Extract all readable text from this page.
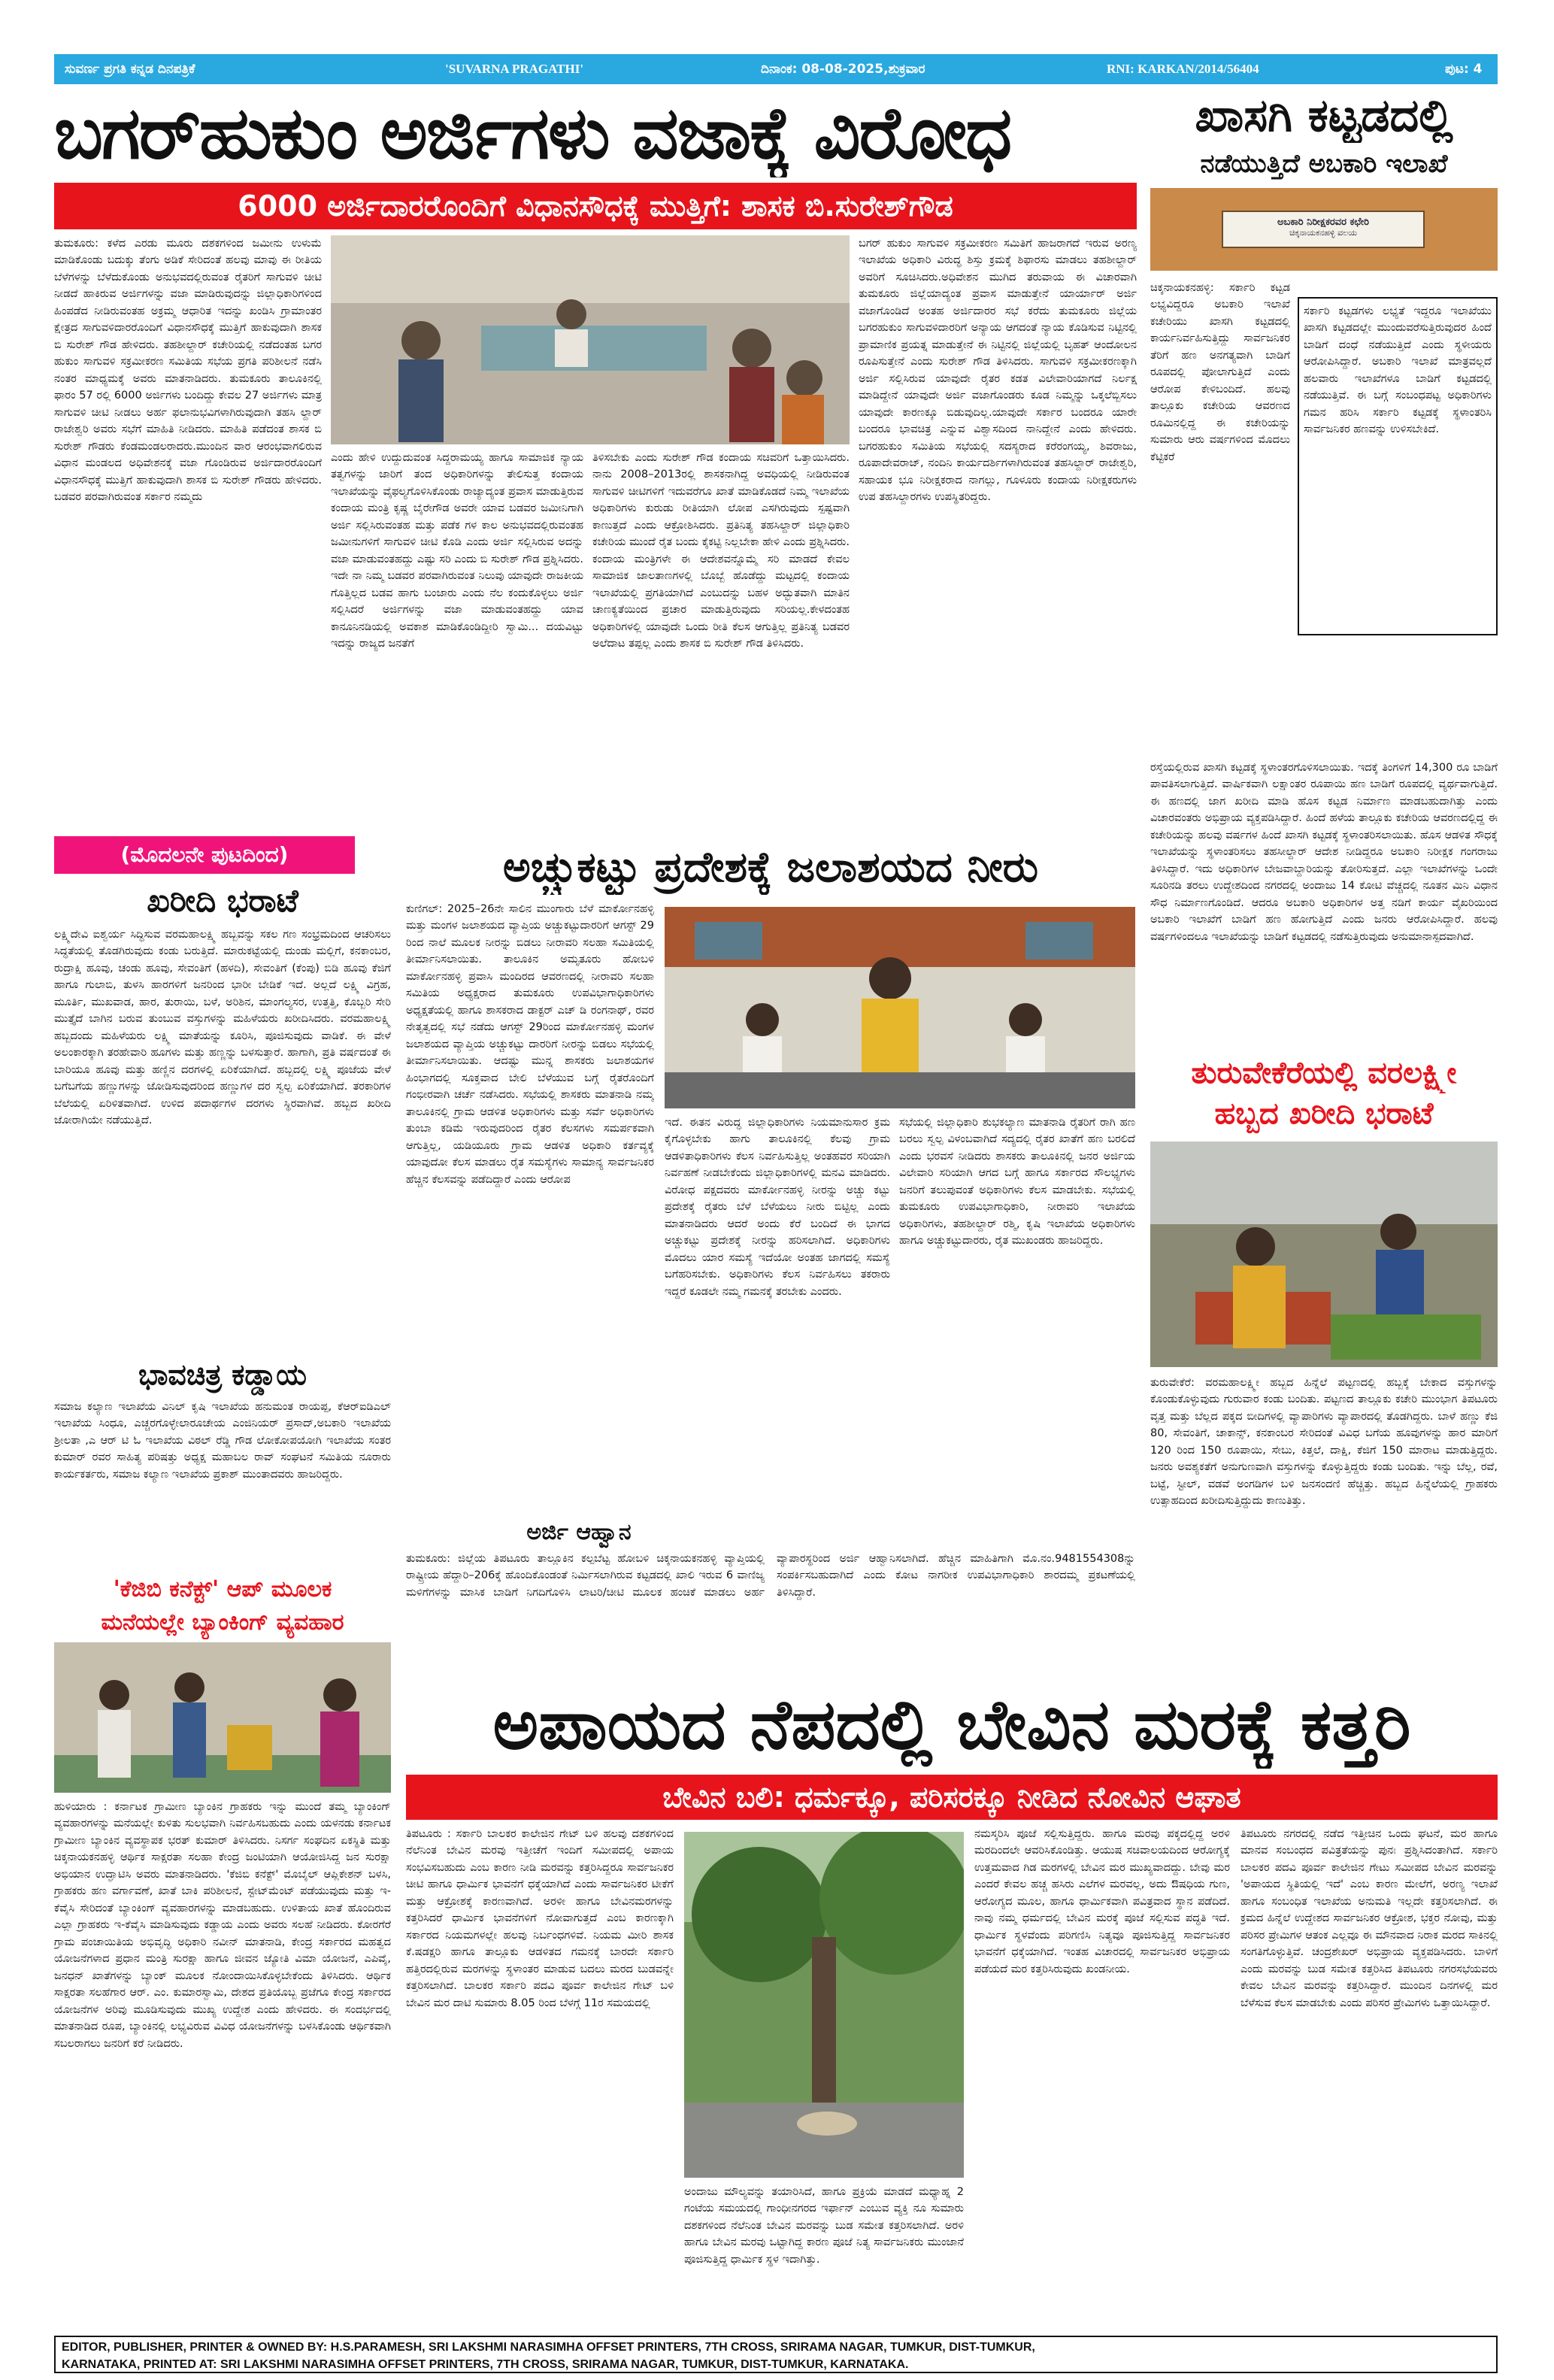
ಸುವರ್ಣ ಪ್ರಗತಿ ಕನ್ನಡ ದಿನಪತ್ರಿಕೆ	'SUVARNA PRAGATHI'	ದಿನಾಂಕ: 08-08-2025,ಶುಕ್ರವಾರ	RNI: KARKAN/2014/56404	ಪುಟ: 4
ಬಗರ್‌ಹುಕುಂ ಅರ್ಜಿಗಳು ವಜಾಕ್ಕೆ ವಿರೋಧ
6000 ಅರ್ಜಿದಾರರೊಂದಿಗೆ ವಿಧಾನಸೌಧಕ್ಕೆ ಮುತ್ತಿಗೆ: ಶಾಸಕ ಬಿ.ಸುರೇಶ್‌ಗೌಡ
ತುಮಕೂರು: ಕಳೆದ ಎರಡು ಮೂರು ದಶಕಗಳಿಂದ ಜಮೀನು ಉಳುಮೆ ಮಾಡಿಕೊಂಡು ಬದುಕ್ಕು ತೆಂಗು ಅಡಿಕೆ ಸೇರಿದಂತೆ ಹಲವು ಮಾವು ಈ ರೀತಿಯ ಬೆಳೆಗಳನ್ನು ಬೆಳೆದುಕೊಂಡು ಅನುಭವದಲ್ಲಿರುವಂತ ರೈತರಿಗೆ ಸಾಗುವಳಿ ಚೀಟಿ ನೀಡದೆ ಹಾಕಿರುವ ಅರ್ಜಿಗಳನ್ನು ವಜಾ ಮಾಡಿರುವುದನ್ನು ಜಿಲ್ಲಾಧಿಕಾರಿಗಳಿಂದ ಹಿಂಪಡೆದ ನೀಡಿರುವಂತಹ ಅಕ್ರಮ್ಮ ಆಧಾರಿತ ಇದನ್ನು ಖಂಡಿಸಿ ಗ್ರಾಮಾಂತರ ಕ್ಷೇತ್ರದ ಸಾಗುವಳಿದಾರರೊಂದಿಗೆ ವಿಧಾನಸೌಧಕ್ಕೆ ಮುತ್ತಿಗೆ ಹಾಕುವುದಾಗಿ ಶಾಸಕ ಬಿ ಸುರೇಶ್ ಗೌಡ ಹೇಳಿದರು. ತಹಶೀಲ್ದಾರ್ ಕಚೇರಿಯಲ್ಲಿ ನಡೆದಂತಹ ಬಗರ ಹುಕುಂ ಸಾಗುವಳಿ ಸಕ್ರಮೀಕರಣ ಸಮಿತಿಯ ಸಭೆಯ ಪ್ರಗತಿ ಪರಿಶೀಲನೆ ನಡೆಸಿ ನಂತರ ಮಾಧ್ಯಮಕ್ಕೆ ಅವರು ಮಾತನಾಡಿದರು. ತುಮಕೂರು ತಾಲೂಕಿನಲ್ಲಿ ಫಾರಂ 57 ರಲ್ಲಿ 6000 ಅರ್ಜಿಗಳು ಬಂದಿದ್ದು ಕೇವಲ 27 ಅರ್ಜಿಗಳು ಮಾತ್ರ ಸಾಗುವಳಿ ಚೀಟಿ ನೀಡಲು ಅರ್ಹ ಫಲಾನುಭವಿಗಳಾಗಿರುವುದಾಗಿ ತಹಸಿ ಲ್ದಾರ್ ರಾಜೇಶ್ವರಿ ಅವರು ಸಭೆಗೆ ಮಾಹಿತಿ ನೀಡಿದರು. ಮಾಹಿತಿ ಪಡೆದಂತ ಶಾಸಕ ಬಿ ಸುರೇಶ್ ಗೌಡರು ಕೆಂಡಮಂಡಲರಾದರು.ಮುಂದಿನ ವಾರ ಆರಂಭವಾಗಲಿರುವ ವಿಧಾನ ಮಂಡಲದ ಅಧಿವೇಶನಕ್ಕೆ ವಜಾ ಗೊಂಡಿರುವ ಅರ್ಜಿದಾರರೊಂದಿಗೆ ವಿಧಾನಸೌಧಕ್ಕೆ ಮುತ್ತಿಗೆ ಹಾಕುವುದಾಗಿ ಶಾಸಕ ಬಿ ಸುರೇಶ್ ಗೌಡರು ಹೇಳಿದರು. ಬಡವರ ಪರವಾಗಿರುವಂತ ಸರ್ಕಾರ ನಮ್ಮದು
ಎಂದು ಹೇಳಿ ಉದ್ದುದುವಂತ ಸಿದ್ದರಾಮಯ್ಯ ಹಾಗೂ ಸಾಮಾಜಿಕ ನ್ಯಾಯ ತತ್ವಗಳನ್ನು ಜಾರಿಗೆ ತಂದ ಅಧಿಕಾರಿಗಳನ್ನು ತೇಲಿಸುತ್ತ ಕಂದಾಯ ಇಲಾಖೆಯನ್ನು ವೈಫಲ್ಯಗೊಳಿಸಿಕೊಂಡು ರಾಜ್ಯಾದ್ಯಂತ ಪ್ರವಾಸ ಮಾಡುತ್ತಿರುವ ಕಂದಾಯ ಮಂತ್ರಿ ಕೃಷ್ಣ ಬೈರೇಗೌಡ ಅವರೇ ಯಾವ ಬಡವರ ಜಮೀನಿಗಾಗಿ ಅರ್ಜಿ ಸಲ್ಲಿಸಿರುವಂತಹ ಮತ್ತು ಪಡೆಕ ಗಳ ಕಾಲ ಅನುಭವದಲ್ಲಿರುವಂತಹ ಜಮೀನುಗಳಿಗೆ ಸಾಗುವಳಿ ಚೀಟಿ ಕೊಡಿ ಎಂದು ಅರ್ಜಿ ಸಲ್ಲಿಸಿರುವ ಅದನ್ನು ವಜಾ ಮಾಡುವಂತಹದ್ದು ಎಷ್ಟು ಸರಿ ಎಂದು ಬಿ ಸುರೇಶ್ ಗೌಡ ಪ್ರಶ್ನಿಸಿದರು. ಇದೇ ನಾ ನಿಮ್ಮ ಬಡವರ ಪರವಾಗಿರುವಂತ ನಿಲುವು ಯಾವುದೇ ರಾಜಕೀಯ ಗೊತ್ತಿಲ್ಲದ ಬಡವ ಹಾಗು ಬಂಜಾರು ಎಂದು ನೆಲ ಕಂದುಕೊಳ್ಳಲು ಅರ್ಜಿ ಸಲ್ಲಿಸಿದರೆ ಅರ್ಜಿಗಳನ್ನು ವಜಾ ಮಾಡುವಂತಹದ್ದು ಯಾವ ಕಾನೂನಿನಡಿಯಲ್ಲಿ ಅವಕಾಶ ಮಾಡಿಕೊಂಡಿದ್ದೀರಿ ಸ್ವಾಮಿ... ದಯವಿಟ್ಟು ಇದನ್ನು ರಾಜ್ಯದ ಜನತೆಗೆ
ತಿಳಿಸಬೇಕು ಎಂದು ಸುರೇಶ್ ಗೌಡ ಕಂದಾಯ ಸಚಿವರಿಗೆ ಒತ್ತಾಯಿಸಿದರು. ನಾನು 2008–2013ರಲ್ಲಿ ಶಾಸಕನಾಗಿದ್ದ ಅವಧಿಯಲ್ಲಿ ನೀಡಿರುವಂತ ಸಾಗುವಳಿ ಚೀಟಿಗಳಿಗೆ ಇದುವರೆಗೂ ಖಾತೆ ಮಾಡಿಕೊಡದೆ ನಿಮ್ಮ ಇಲಾಖೆಯ ಅಧಿಕಾರಿಗಳು ಕುರುಡು ರೀತಿಯಾಗಿ ಲೋಪ ಎಸಗಿರುವುದು ಸ್ಪಷ್ಟವಾಗಿ ಕಾಣುತ್ತದೆ ಎಂದು ಆಕ್ರೋಶಿಸಿದರು. ಪ್ರತಿನಿತ್ಯ ತಹಸಿಲ್ದಾರ್ ಜಿಲ್ಲಾಧಿಕಾರಿ ಕಚೇರಿಯ ಮುಂದೆ ರೈತ ಬಂದು ಕೈಕಟ್ಟಿ ನಿಲ್ಲಬೇಕಾ ಹೇಳಿ ಎಂದು ಪ್ರಶ್ನಿಸಿದರು. ಕಂದಾಯ ಮಂತ್ರಿಗಳೇ ಈ ಆದೇಶವನ್ನೊಮ್ಮೆ ಸರಿ ಮಾಡದೆ ಕೇವಲ ಸಾಮಾಜಿಕ ಜಾಲತಾಣಗಳಲ್ಲಿ ಬೊಬ್ಬೆ ಹೊಡೆದ್ದು ಮಟ್ಟದಲ್ಲಿ ಕಂದಾಯ ಇಲಾಖೆಯಲ್ಲಿ ಪ್ರಗತಿಯಾಗಿದೆ ಎಂಬುದನ್ನು ಬಹಳ ಅದ್ಭುತವಾಗಿ ಮಾತಿನ ಚಾಣಕ್ಯತೆಯಿಂದ ಪ್ರಚಾರ ಮಾಡುತ್ತಿರುವುದು ಸರಿಯಲ್ಲ.ಕೇಳದಂತಹ ಅಧಿಕಾರಿಗಳಲ್ಲಿ ಯಾವುದೇ ಒಂದು ರೀತಿ ಕೆಲಸ ಆಗುತ್ತಿಲ್ಲ ಪ್ರತಿನಿತ್ಯ ಬಡವರ ಅಲೆದಾಟ ತಪ್ಪಲ್ಲ ಎಂದು ಶಾಸಕ ಬಿ ಸುರೇಶ್ ಗೌಡ ತಿಳಿಸಿದರು.
ಬಗರ್ ಹುಕುಂ ಸಾಗುವಳಿ ಸಕ್ರಮೀಕರಣ ಸಮಿತಿಗೆ ಹಾಜರಾಗದೆ ಇರುವ ಅರಣ್ಯ ಇಲಾಖೆಯ ಅಧಿಕಾರಿ ವಿರುದ್ಧ ಶಿಸ್ತು ಕ್ರಮಕ್ಕೆ ಶಿಫಾರಸು ಮಾಡಲು ತಹಶೀಲ್ದಾರ್ ಅವರಿಗೆ ಸೂಚಿಸಿದರು.ಅಧಿವೇಶನ ಮುಗಿದ ತರುವಾಯ ಈ ವಿಚಾರವಾಗಿ ತುಮಕೂರು ಜಿಲ್ಲೆಯಾದ್ಯಂತ ಪ್ರವಾಸ ಮಾಡುತ್ತೇನೆ ಯಾರ್ಯಾರ್ ಅರ್ಜಿ ವಜಾಗೊಂಡಿದೆ ಅಂತಹ ಅರ್ಜಿದಾರರ ಸಭೆ ಕರೆದು ತುಮಕೂರು ಜಿಲ್ಲೆಯ ಬಗರಹುಕುಂ ಸಾಗುವಳಿದಾರರಿಗೆ ಅನ್ಯಾಯ ಆಗದಂತೆ ನ್ಯಾಯ ಕೊಡಿಸುವ ನಿಟ್ಟಿನಲ್ಲಿ ಪ್ರಾಮಾಣಿಕ ಪ್ರಯತ್ನ ಮಾಡುತ್ತೇನೆ ಈ ನಿಟ್ಟಿನಲ್ಲಿ ಜಿಲ್ಲೆಯಲ್ಲಿ ಬೃಹತ್ ಆಂದೋಲನ ರೂಪಿಸುತ್ತೇನೆ ಎಂದು ಸುರೇಶ್ ಗೌಡ ತಿಳಿಸಿದರು. ಸಾಗುವಳಿ ಸಕ್ರಮೀಕರಣಕ್ಕಾಗಿ ಅರ್ಜಿ ಸಲ್ಲಿಸಿರುವ ಯಾವುದೇ ರೈತರ ಕಡತ ವಿಲೇವಾರಿಯಾಗದೆ ನಿರ್ಲಕ್ಷ ಮಾಡಿದ್ದೇನೆ ಯಾವುದೇ ಅರ್ಜಿ ವಜಾಗೊಂಡರು ಕೂಡ ನಿಮ್ಮನ್ನು ಒಕ್ಕಲೆಬ್ಬಿಸಲು ಯಾವುದೇ ಕಾರಣಕ್ಕೂ ಬಿಡುವುದಿಲ್ಲ.ಯಾವುದೇ ಸರ್ಕಾರ ಬಂದರೂ ಯಾರೇ ಬಂದರೂ ಭಾವಚಿತ್ರ ಎನ್ನುವ ವಿಶ್ವಾಸದಿಂದ ನಾನಿದ್ದೇನೆ ಎಂದು ಹೇಳಿದರು. ಬಗರಹುಕುಂ ಸಮಿತಿಯ ಸಭೆಯಲ್ಲಿ ಸದಸ್ಯರಾದ ಕರೆರಂಗಯ್ಯ, ಶಿವರಾಜು, ರೂಪಾದೇವರಾಜ್, ನಂದಿನಿ ಕಾರ್ಯದರ್ಶಿಗಳಾಗಿರುವಂತ ತಹಸಿಲ್ದಾರ್ ರಾಜೇಶ್ವರಿ, ಸಹಾಯಕ ಭೂ ನಿರೀಕ್ಷಕರಾದ ನಾಗಲ್ಲು, ಗೂಳೂರು ಕಂದಾಯ ನಿರೀಕ್ಷಕರುಗಳು ಉಪ ತಹಸಿಲ್ದಾರಗಳು ಉಪಸ್ಥಿತರಿದ್ದರು.
ಖಾಸಗಿ ಕಟ್ಟಡದಲ್ಲಿ
ನಡೆಯುತ್ತಿದೆ ಅಬಕಾರಿ ಇಲಾಖೆ
ಅಬಕಾರಿ ನಿರೀಕ್ಷಕರವರ ಕಛೇರಿ
ಚಿಕ್ಕನಾಯಕನಹಳ್ಳಿ ವಲಯ
ಚಿಕ್ಕನಾಯಕನಹಳ್ಳಿ: ಸರ್ಕಾರಿ ಕಟ್ಟಡ ಲಭ್ಯವಿದ್ದರೂ ಅಬಕಾರಿ ಇಲಾಖೆ ಕಚೇರಿಯು ಖಾಸಗಿ ಕಟ್ಟಡದಲ್ಲಿ ಕಾರ್ಯನಿರ್ವಹಿಸುತ್ತಿದ್ದು ಸಾರ್ವಜನಿಕರ ತೆರಿಗೆ ಹಣ ಅನಗತ್ಯವಾಗಿ ಬಾಡಿಗೆ ರೂಪದಲ್ಲಿ ಪೋಲಾಗುತ್ತಿದೆ ಎಂದು ಆರೋಪ ಕೇಳಿಬಂದಿದೆ. ಹಲವು ತಾಲ್ಲೂಕು ಕಚೇರಿಯ ಆವರಣದ ರೂಮಿನಲ್ಲಿದ್ದ ಈ ಕಚೇರಿಯನ್ನು ಸುಮಾರು ಆರು ವರ್ಷಗಳಿಂದ ಮೊದಲು ಕೆಟ್ಟಿಕರೆ
ಸರ್ಕಾರಿ ಕಟ್ಟಡಗಳು ಲಭ್ಯತೆ ಇದ್ದರೂ ಇಲಾಖೆಯು ಖಾಸಗಿ ಕಟ್ಟಡದಲ್ಲೇ ಮುಂದುವರೆಸುತ್ತಿರುವುದರ ಹಿಂದೆ ಬಾಡಿಗೆ ದಂಧೆ ನಡೆಯುತ್ತಿದೆ ಎಂದು ಸ್ಥಳೀಯರು ಆರೋಪಿಸಿದ್ದಾರೆ. ಅಬಕಾರಿ ಇಲಾಖೆ ಮಾತ್ರವಲ್ಲದೆ ಹಲವಾರು ಇಲಾಖೆಗಳೂ ಬಾಡಿಗೆ ಕಟ್ಟಡದಲ್ಲಿ ನಡೆಯುತ್ತಿವೆ. ಈ ಬಗ್ಗೆ ಸಂಬಂಧಪಟ್ಟ ಅಧಿಕಾರಿಗಳು ಗಮನ ಹರಿಸಿ ಸರ್ಕಾರಿ ಕಟ್ಟಡಕ್ಕೆ ಸ್ಥಳಾಂತರಿಸಿ ಸಾರ್ವಜನಿಕರ ಹಣವನ್ನು ಉಳಿಸಬೇಕಿದೆ.
ರಸ್ತೆಯಲ್ಲಿರುವ ಖಾಸಗಿ ಕಟ್ಟಡಕ್ಕೆ ಸ್ಥಳಾಂತರಗೊಳಿಸಲಾಯಿತು. ಇದಕ್ಕೆ ತಿಂಗಳಿಗೆ 14,300 ರೂ ಬಾಡಿಗೆ ಪಾವತಿಸಲಾಗುತ್ತಿದೆ. ವಾರ್ಷಿಕವಾಗಿ ಲಕ್ಷಾಂತರ ರೂಪಾಯಿ ಹಣ ಬಾಡಿಗೆ ರೂಪದಲ್ಲಿ ವ್ಯರ್ಥವಾಗುತ್ತಿದೆ. ಈ ಹಣದಲ್ಲಿ ಜಾಗ ಖರೀದಿ ಮಾಡಿ ಹೊಸ ಕಟ್ಟಡ ನಿರ್ಮಾಣ ಮಾಡಬಹುದಾಗಿತ್ತು ಎಂದು ವಿಚಾರವಂತರು ಅಭಿಪ್ರಾಯ ವ್ಯಕ್ತಪಡಿಸಿದ್ದಾರೆ. ಹಿಂದೆ ಹಳೆಯ ತಾಲ್ಲೂಕು ಕಚೇರಿಯ ಆವರಣದಲ್ಲಿದ್ದ ಈ ಕಚೇರಿಯನ್ನು ಹಲವು ವರ್ಷಗಳ ಹಿಂದೆ ಖಾಸಗಿ ಕಟ್ಟಡಕ್ಕೆ ಸ್ಥಳಾಂತರಿಸಲಾಯಿತು. ಹೊಸ ಆಡಳಿತ ಸೌಧಕ್ಕೆ ಇಲಾಖೆಯನ್ನು ಸ್ಥಳಾಂತರಿಸಲು ತಹಸೀಲ್ದಾರ್ ಆದೇಶ ನೀಡಿದ್ದರೂ ಅಬಕಾರಿ ನಿರೀಕ್ಷಕ ಗಂಗರಾಜು ತಿಳಿಸಿದ್ದಾರೆ. ಇದು ಅಧಿಕಾರಿಗಳ ಬೇಜವಾಬ್ದಾರಿಯನ್ನು ತೋರಿಸುತ್ತದೆ. ಎಲ್ಲಾ ಇಲಾಖೆಗಳನ್ನು ಒಂದೇ ಸೂರಿನಡಿ ತರಲು ಉದ್ದೇಶದಿಂದ ನಗರದಲ್ಲಿ ಅಂದಾಜು 14 ಕೋಟಿ ವೆಚ್ಚದಲ್ಲಿ ನೂತನ ಮಿನಿ ವಿಧಾನ ಸೌಧ ನಿರ್ಮಾಣಗೊಂಡಿದೆ. ಆದರೂ ಅಬಕಾರಿ ಅಧಿಕಾರಿಗಳ ಅತ್ತ ನಡಿಗೆ ಕಾರ್ಯ ವೈಖರಿಯಿಂದ ಅಬಕಾರಿ ಇಲಾಖೆಗೆ ಬಾಡಿಗೆ ಹಣ ಹೋಗುತ್ತಿದೆ ಎಂದು ಜನರು ಆರೋಪಿಸಿದ್ದಾರೆ. ಹಲವು ವರ್ಷಗಳಿಂದಲೂ ಇಲಾಖೆಯನ್ನು ಬಾಡಿಗೆ ಕಟ್ಟಡದಲ್ಲಿ ನಡೆಸುತ್ತಿರುವುದು ಅನುಮಾನಾಸ್ಪದವಾಗಿದೆ.
ತುರುವೇಕೆರೆಯಲ್ಲಿ ವರಲಕ್ಷ್ಮೀ
ಹಬ್ಬದ ಖರೀದಿ ಭರಾಟೆ
ತುರುವೇಕೆರೆ: ವರಮಹಾಲಕ್ಷ್ಮೀ ಹಬ್ಬದ ಹಿನ್ನೆಲೆ ಪಟ್ಟಣದಲ್ಲಿ ಹಬ್ಬಕ್ಕೆ ಬೇಕಾದ ವಸ್ತುಗಳನ್ನು ಕೊಂಡುಕೊಳ್ಳುವುದು ಗುರುವಾರ ಕಂಡು ಬಂದಿತು. ಪಟ್ಟಣದ ತಾಲ್ಲೂಕು ಕಚೇರಿ ಮುಂಭಾಗ ತಿಪಟೂರು ವೃತ್ತ ಮತ್ತು ಬೆಲ್ಲದ ಪಕ್ಕದ ಬೀದಿಗಳಲ್ಲಿ ವ್ಯಾಪಾರಿಗಳು ವ್ಯಾಪಾರದಲ್ಲಿ ತೊಡಗಿದ್ದರು. ಬಾಳೆ ಹಣ್ಣು ಕೆಜಿ 80, ಸೇವಂತಿಗೆ, ಚಾಕಾನ್ಸ್, ಕನಕಾಂಬರ ಸೇರಿದಂತೆ ವಿವಿಧ ಬಗೆಯ ಹೂವುಗಳನ್ನು ಹಾರ ಮಾರಿಗೆ 120 ರಿಂದ 150 ರೂಪಾಯಿ, ಸೇಬು, ಕಿತ್ತಲೆ, ದಾಕ್ಷಿ, ಕೆಜಿಗೆ 150 ಮಾರಾಟ ಮಾಡುತ್ತಿದ್ದರು. ಜನರು ಅವಶ್ಯಕತೆಗೆ ಅನುಗುಣವಾಗಿ ವಸ್ತುಗಳನ್ನು ಕೊಳ್ಳುತ್ತಿದ್ದರು ಕಂಡು ಬಂದಿತು. ಇನ್ನು ಬೆಲ್ಲ, ರವೆ, ಬಟ್ಟೆ, ಸ್ಟೀಲ್, ವಡವೆ ಅಂಗಡಿಗಳ ಬಳಿ ಜನಸಂದಣಿ ಹೆಚ್ಚಿತ್ತು. ಹಬ್ಬದ ಹಿನ್ನೆಲೆಯಲ್ಲಿ ಗ್ರಾಹಕರು ಉತ್ಸಾಹದಿಂದ ಖರೀದಿಸುತ್ತಿದ್ದುದು ಕಾಣುತಿತ್ತು.
(ಮೊದಲನೇ ಪುಟದಿಂದ)
ಖರೀದಿ ಭರಾಟೆ
ಲಕ್ಷ್ಮಿದೇವಿ ಐಶ್ವರ್ಯ ಸಿದ್ಧಿಸುವ ವರಮಹಾಲಕ್ಷ್ಮಿ ಹಬ್ಬವನ್ನು ಸಕಲ ಗಣ ಸಂಭ್ರಮದಿಂದ ಆಚರಿಸಲು ಸಿದ್ಧತೆಯಲ್ಲಿ ತೊಡಗಿರುವುದು ಕಂಡು ಬರುತ್ತಿದೆ. ಮಾರುಕಟ್ಟೆಯಲ್ಲಿ ದುಂಡು ಮಲ್ಲಿಗೆ, ಕನಕಾಂಬರ, ರುದ್ರಾಕ್ಷಿ ಹೂವು, ಚಂಡು ಹೂವು, ಸೇವಂತಿಗೆ (ಹಳದಿ), ಸೇವಂತಿಗೆ (ಕೆಂಪು) ಬಿಡಿ ಹೂವು ಕೆಜಿಗೆ ಹಾಗೂ ಗುಲಾಬಿ, ತುಳಸಿ ಹಾರಗಳಿಗೆ ಜನರಿಂದ ಭಾರೀ ಬೇಡಿಕೆ ಇದೆ. ಅಲ್ಲದೆ ಲಕ್ಷ್ಮಿ ವಿಗ್ರಹ, ಮೂರ್ತಿ, ಮುಖವಾಡ, ಹಾರ, ತುರಾಯಿ, ಬಳೆ, ಅರಿಶಿನ, ಮಾಂಗಲ್ಯಸರ, ಉತ್ತತ್ತಿ, ಕೊಬ್ಬರಿ ಸೇರಿ ಮುತ್ತೈದೆ ಬಾಗಿನ ಬರುವ ತುಂಬುವ ವಸ್ತುಗಳನ್ನು ಮಹಿಳೆಯರು ಖರೀದಿಸಿದರು. ವರಮಹಾಲಕ್ಷ್ಮಿ ಹಬ್ಬದಂದು ಮಹಿಳೆಯರು ಲಕ್ಷ್ಮಿ ಮಾತೆಯನ್ನು ಕೂರಿಸಿ, ಪೂಜಿಸುವುದು ವಾಡಿಕೆ. ಈ ವೇಳೆ ಅಲಂಕಾರಕ್ಕಾಗಿ ತರಹೇವಾರಿ ಹೂಗಳು ಮತ್ತು ಹಣ್ಣನ್ನು ಬಳಸುತ್ತಾರೆ. ಹಾಗಾಗಿ, ಪ್ರತಿ ವರ್ಷದಂತೆ ಈ ಬಾರಿಯೂ ಹೂವು ಮತ್ತು ಹಣ್ಣಿನ ದರಗಳಲ್ಲಿ ಏರಿಕೆಯಾಗಿದೆ. ಹಬ್ಬದಲ್ಲಿ ಲಕ್ಷ್ಮಿ ಪೂಜೆಯ ವೇಳೆ ಬಗೆಬಗೆಯ ಹಣ್ಣುಗಳನ್ನು ಜೋಡಿಸುವುದರಿಂದ ಹಣ್ಣುಗಳ ದರ ಸ್ವಲ್ಪ ಏರಿಕೆಯಾಗಿದೆ. ತರಕಾರಿಗಳ ಬೆಲೆಯಲ್ಲಿ ಏರಿಳಿತವಾಗಿದೆ. ಉಳಿದ ಪದಾರ್ಥಗಳ ದರಗಳು ಸ್ಥಿರವಾಗಿವೆ. ಹಬ್ಬದ ಖರೀದಿ ಜೋರಾಗಿಯೇ ನಡೆಯುತ್ತಿದೆ.
ಭಾವಚಿತ್ರ ಕಡ್ಡಾಯ
ಸಮಾಜ ಕಲ್ಯಾಣ ಇಲಾಖೆಯ ವಿನಿಲ್ ಕೃಷಿ ಇಲಾಖೆಯ ಹನುಮಂತ ರಾಯಪ್ಪ, ಕೆಆರ್‌ಐಡಿಎಲ್ ಇಲಾಖೆಯ ಸಿಂಧೂ, ಎಚ್ಚರಗೊಳ್ಳೇಲಾರೂಚೇಯ ಎಂಜಿನಿಯರ್ ಪ್ರಸಾದ್,ಅಬಕಾರಿ ಇಲಾಖೆಯ ಶ್ರೀಲತಾ ,ಎ ಆರ್ ಟಿ ಓ ಇಲಾಖೆಯ ವಿಠಲ್ ರೆಡ್ಡಿ ಗೌಡ ಲೋಕೋಪಯೋಗಿ ಇಲಾಖೆಯ ಸಂತರ ಕುಮಾರ್ ರವರ ಸಾಹಿತ್ಯ ಪರಿಷತ್ತು ಅಧ್ಯಕ್ಷ ಮಹಾಬಲ ರಾವ್ ಸಂಘಟನೆ ಸಮಿತಿಯ ನೂರಾರು ಕಾರ್ಯಕರ್ತರು, ಸಮಾಜ ಕಲ್ಯಾಣ ಇಲಾಖೆಯ ಪ್ರಕಾಶ್ ಮುಂತಾದವರು ಹಾಜರಿದ್ದರು.
'ಕೆಜಿಬಿ ಕನೆಕ್ಟ್' ಆಪ್ ಮೂಲಕ
ಮನೆಯಲ್ಲೇ ಬ್ಯಾಂಕಿಂಗ್ ವ್ಯವಹಾರ
ಹುಳಿಯಾರು : ಕರ್ನಾಟಕ ಗ್ರಾಮೀಣ ಬ್ಯಾಂಕಿನ ಗ್ರಾಹಕರು ಇನ್ನು ಮುಂದೆ ತಮ್ಮ ಬ್ಯಾಂಕಿಂಗ್ ವ್ಯವಹಾರಗಳನ್ನು ಮನೆಯಲ್ಲೇ ಕುಳಿತು ಸುಲಭವಾಗಿ ನಿರ್ವಹಿಸಬಹುದು ಎಂದು ಯಳನಡು ಕರ್ನಾಟಕ ಗ್ರಾಮೀಣ ಬ್ಯಾಂಕಿನ ವ್ಯವಸ್ಥಾಪಕ ಭರತ್ ಕುಮಾರ್ ತಿಳಿಸಿದರು. ನಿಸರ್ಗ ಸಂಘದಿನ ಏಕಸ್ಥಿತಿ ಮತ್ತು ಚಿಕ್ಕನಾಯಕನಹಳ್ಳಿ ಆರ್ಥಿಕ ಸಾಕ್ಷರತಾ ಸಲಹಾ ಕೇಂದ್ರ ಜಂಟಿಯಾಗಿ ಆಯೋಜಿಸಿದ್ದ ಜನ ಸುರಕ್ಷಾ ಅಭಿಯಾನ ಉದ್ಘಾಟಿಸಿ ಅವರು ಮಾತನಾಡಿದರು. 'ಕೆಜಿಬಿ ಕನೆಕ್ಟ್' ಮೊಬೈಲ್ ಆಪ್ಲಿಕೇಶನ್ ಬಳಸಿ, ಗ್ರಾಹಕರು ಹಣ ವರ್ಗಾವಣೆ, ಖಾತೆ ಬಾಕಿ ಪರಿಶೀಲನೆ, ಸ್ಟೇಟ್‌ಮೆಂಟ್ ಪಡೆಯುವುದು ಮತ್ತು ಇ-ಕೆವೈಸಿ ಸೇರಿದಂತೆ ಬ್ಯಾಂಕಿಂಗ್ ವ್ಯವಹಾರಗಳನ್ನು ಮಾಡಬಹುದು. ಉಳಿತಾಯ ಖಾತೆ ಹೊಂದಿರುವ ಎಲ್ಲಾ ಗ್ರಾಹಕರು ಇ-ಕೆವೈಸಿ ಮಾಡಿಸುವುದು ಕಡ್ಡಾಯ ಎಂದು ಅವರು ಸಲಹೆ ನೀಡಿದರು. ಕೋರಗೆರೆ ಗ್ರಾಮ ಪಂಚಾಯಿತಿಯ ಅಭಿವೃದ್ಧಿ ಅಧಿಕಾರಿ ನವೀನ್ ಮಾತನಾಡಿ, ಕೇಂದ್ರ ಸರ್ಕಾರದ ಮಹತ್ವದ ಯೋಜನೆಗಳಾದ ಪ್ರಧಾನ ಮಂತ್ರಿ ಸುರಕ್ಷಾ ಹಾಗೂ ಜೀವನ ಜ್ಯೋತಿ ವಿಮಾ ಯೋಜನೆ, ಎಪಿವೈ, ಜನಧನ್ ಖಾತೆಗಳನ್ನು ಬ್ಯಾಂಕ್ ಮೂಲಕ ನೋಂದಾಯಿಸಿಕೊಳ್ಳಬೇಕೆಂದು ತಿಳಿಸಿದರು. ಆರ್ಥಿಕ ಸಾಕ್ಷರತಾ ಸಲಹೆಗಾರ ಆರ್. ಎಂ. ಕುಮಾರಸ್ವಾಮಿ, ದೇಶದ ಪ್ರತಿಯೊಬ್ಬ ಪ್ರಜೆಗೂ ಕೇಂದ್ರ ಸರ್ಕಾರದ ಯೋಜನೆಗಳ ಅರಿವು ಮೂಡಿಸುವುದು ಮುಖ್ಯ ಉದ್ದೇಶ ಎಂದು ಹೇಳಿದರು. ಈ ಸಂದರ್ಭದಲ್ಲಿ ಮಾತನಾಡಿದ ರೂಪ, ಬ್ಯಾಂಕಿನಲ್ಲಿ ಲಭ್ಯವಿರುವ ವಿವಿಧ ಯೋಜನೆಗಳನ್ನು ಬಳಸಿಕೊಂಡು ಆರ್ಥಿಕವಾಗಿ ಸಬಲರಾಗಲು ಜನರಿಗೆ ಕರೆ ನೀಡಿದರು.
ಅಚ್ಚುಕಟ್ಟು ಪ್ರದೇಶಕ್ಕೆ ಜಲಾಶಯದ ನೀರು
ಕುಣಿಗಲ್: 2025–26ನೇ ಸಾಲಿನ ಮುಂಗಾರು ಬೆಳೆ ಮಾರ್ಕೋನಹಳ್ಳಿ ಮತ್ತು ಮಂಗಳ ಜಲಾಶಯದ ವ್ಯಾಪ್ತಿಯ ಅಚ್ಚುಕಟ್ಟುದಾರರಿಗೆ ಆಗಸ್ಟ್ 29 ರಿಂದ ನಾಲೆ ಮೂಲಕ ನೀರನ್ನು ಬಿಡಲು ನೀರಾವರಿ ಸಲಹಾ ಸಮಿತಿಯಲ್ಲಿ ತೀರ್ಮಾನಿಸಲಾಯಿತು. ತಾಲೂಕಿನ ಅಮೃತೂರು ಹೋಬಳಿ ಮಾರ್ಕೋನಹಳ್ಳಿ ಪ್ರವಾಸಿ ಮಂದಿರದ ಆವರಣದಲ್ಲಿ ನೀರಾವರಿ ಸಲಹಾ ಸಮಿತಿಯ ಅಧ್ಯಕ್ಷರಾದ ತುಮಕೂರು ಉಪವಿಭಾಗಾಧಿಕಾರಿಗಳು ಅಧ್ಯಕ್ಷತೆಯಲ್ಲಿ ಹಾಗೂ ಶಾಸಕರಾದ ಡಾಕ್ಟರ್ ಎಚ್ ಡಿ ರಂಗನಾಥ್, ರವರ ನೇತೃತ್ವದಲ್ಲಿ ಸಭೆ ನಡೆದು ಆಗಸ್ಟ್ 29ರಿಂದ ಮಾರ್ಕೋನಹಳ್ಳಿ ಮಂಗಳ ಜಲಾಶಯದ ವ್ಯಾಪ್ತಿಯ ಅಚ್ಚುಕಟ್ಟು ದಾರರಿಗೆ ನೀರನ್ನು ಬಿಡಲು ಸಭೆಯಲ್ಲಿ ತೀರ್ಮಾನಿಸಲಾಯಿತು. ಆದಷ್ಟು ಮುನ್ನ ಶಾಸಕರು ಜಲಾಶಯಗಳ ಹಿಂಭಾಗದಲ್ಲಿ ಸೂಕ್ತವಾದ ಬೇಲಿ ಬೆಳೆಯುವ ಬಗ್ಗೆ ರೈತರೊಂದಿಗೆ ಗಂಭೀರವಾಗಿ ಚರ್ಚೆ ನಡೆಸಿದರು. ಸಭೆಯಲ್ಲಿ ಶಾಸಕರು ಮಾತನಾಡಿ ನಮ್ಮ ತಾಲೂಕಿನಲ್ಲಿ ಗ್ರಾಮ ಆಡಳಿತ ಅಧಿಕಾರಿಗಳು ಮತ್ತು ಸರ್ವೆ ಅಧಿಕಾರಿಗಳು ತುಂಬಾ ಕಡಿಮೆ ಇರುವುದರಿಂದ ರೈತರ ಕೆಲಸಗಳು ಸಮರ್ಪಕವಾಗಿ ಆಗುತ್ತಿಲ್ಲ, ಯಡಿಯೂರು ಗ್ರಾಮ ಆಡಳಿತ ಅಧಿಕಾರಿ ಕರ್ತವ್ಯಕ್ಕೆ ಯಾವುದೋ ಕೆಲಸ ಮಾಡಲು ರೈತ ಸಮಸ್ಯೆಗಳು ಸಾಮಾನ್ಯ ಸಾರ್ವಜನಿಕರ ಹೆಚ್ಚಿನ ಕೆಲಸವನ್ನು ಪಡೆದಿದ್ದಾರೆ ಎಂದು ಆರೋಪ
ಇದೆ. ಈತನ ವಿರುದ್ಧ ಜಿಲ್ಲಾಧಿಕಾರಿಗಳು ನಿಯಮಾನುಸಾರ ಕ್ರಮ ಕೈಗೊಳ್ಳಬೇಕು ಹಾಗು ತಾಲೂಕಿನಲ್ಲಿ ಕೆಲವು ಗ್ರಾಮ ಆಡಳಿತಾಧಿಕಾರಿಗಳು ಕೆಲಸ ನಿರ್ವಹಿಸುತ್ತಿಲ್ಲ ಅಂತಹವರ ಸರಿಯಾಗಿ ನಿರ್ವಹಣೆ ನೀಡಬೇಕೆಂದು ಜಿಲ್ಲಾಧಿಕಾರಿಗಳಲ್ಲಿ ಮನವಿ ಮಾಡಿದರು. ವಿರೋಧ ಪಕ್ಷದವರು ಮಾರ್ಕೋನಹಳ್ಳಿ ನೀರನ್ನು ಅಚ್ಚು ಕಟ್ಟು ಪ್ರದೇಶಕ್ಕೆ ರೈತರು ಬೆಳೆ ಬೆಳೆಯಲು ನೀರು ಬಿಟ್ಟಿಲ್ಲ ಎಂದು ಮಾತನಾಡಿದರು ಆದರೆ ಅಂದು ಕೆರೆ ಬಂದಿದೆ ಈ ಭಾಗದ ಅಚ್ಚುಕಟ್ಟು ಪ್ರದೇಶಕ್ಕೆ ನೀರನ್ನು ಹರಿಸಲಾಗಿದೆ. ಅಧಿಕಾರಿಗಳು ಮೊದಲು ಯಾರ ಸಮಸ್ಯೆ ಇದೆಯೋ ಅಂತಹ ಜಾಗದಲ್ಲಿ ಸಮಸ್ಯೆ ಬಗೆಹರಿಸಬೇಕು. ಅಧಿಕಾರಿಗಳು ಕೆಲಸ ನಿರ್ವಹಿಸಲು ತಕರಾರು ಇದ್ದರೆ ಕೂಡಲೇ ನಮ್ಮ ಗಮನಕ್ಕೆ ತರಬೇಕು ಎಂದರು.
ಸಭೆಯಲ್ಲಿ ಜಿಲ್ಲಾಧಿಕಾರಿ ಶುಭಕಲ್ಯಾಣ ಮಾತನಾಡಿ ರೈತರಿಗೆ ರಾಗಿ ಹಣ ಬರಲು ಸ್ವಲ್ಪ ವಿಳಂಬವಾಗಿದೆ ಸದ್ಯದಲ್ಲಿ ರೈತರ ಖಾತೆಗೆ ಹಣ ಬರಲಿದೆ ಎಂದು ಭರವಸೆ ನೀಡಿದರು ಶಾಸಕರು ತಾಲೂಕಿನಲ್ಲಿ ಜನರ ಅರ್ಜಿಯ ವಿಲೇವಾರಿ ಸರಿಯಾಗಿ ಆಗದ ಬಗ್ಗೆ ಹಾಗೂ ಸರ್ಕಾರದ ಸೌಲಭ್ಯಗಳು ಜನರಿಗೆ ತಲುಪುವಂತೆ ಅಧಿಕಾರಿಗಳು ಕೆಲಸ ಮಾಡಬೇಕು. ಸಭೆಯಲ್ಲಿ ತುಮಕೂರು ಉಪವಿಭಾಗಾಧಿಕಾರಿ, ನೀರಾವರಿ ಇಲಾಖೆಯ ಅಧಿಕಾರಿಗಳು, ತಹಶೀಲ್ದಾರ್ ರಶ್ಮಿ, ಕೃಷಿ ಇಲಾಖೆಯ ಅಧಿಕಾರಿಗಳು ಹಾಗೂ ಅಚ್ಚುಕಟ್ಟುದಾರರು, ರೈತ ಮುಖಂಡರು ಹಾಜರಿದ್ದರು.
ಅರ್ಜಿ ಆಹ್ವಾನ
ತುಮಕೂರು: ಜಿಲ್ಲೆಯ ತಿಪಟೂರು ತಾಲ್ಲೂಕಿನ ಕಲ್ಪಬೆಟ್ಟ ಹೋಬಳಿ ಚಿಕ್ಕನಾಯಕನಹಳ್ಳಿ ವ್ಯಾಪ್ತಿಯಲ್ಲಿ ರಾಷ್ಟ್ರೀಯ ಹೆದ್ದಾರಿ–206ಕ್ಕೆ ಹೊಂದಿಕೊಂಡಂತೆ ನಿರ್ಮಿಸಲಾಗಿರುವ ಕಟ್ಟಡದಲ್ಲಿ ಖಾಲಿ ಇರುವ 6 ವಾಣಿಜ್ಯ ಮಳಿಗೆಗಳನ್ನು ಮಾಸಿಕ ಬಾಡಿಗೆ ನಿಗದಿಗೊಳಿಸಿ ಲಾಟರಿ/ಚೀಟಿ ಮೂಲಕ ಹಂಚಿಕೆ ಮಾಡಲು ಅರ್ಹ ವ್ಯಾಪಾರಸ್ಥರಿಂದ ಅರ್ಜಿ ಆಹ್ವಾನಿಸಲಾಗಿದೆ. ಹೆಚ್ಚಿನ ಮಾಹಿತಿಗಾಗಿ ಮೊ.ನಂ.9481554308ನ್ನು ಸಂಪರ್ಕಿಸಬಹುದಾಗಿದೆ ಎಂದು ಕೋಟ ನಾಗರೀಕ ಉಪವಿಭಾಗಾಧಿಕಾರಿ ಶಾರದಮ್ಮ ಪ್ರಕಟಣೆಯಲ್ಲಿ ತಿಳಿಸಿದ್ದಾರೆ.
ಅಪಾಯದ ನೆಪದಲ್ಲಿ ಬೇವಿನ ಮರಕ್ಕೆ ಕತ್ತರಿ
ಬೇವಿನ ಬಲಿ: ಧರ್ಮಕ್ಕೂ, ಪರಿಸರಕ್ಕೂ ನೀಡಿದ ನೋವಿನ ಆಘಾತ
ತಿಪಟೂರು : ಸರ್ಕಾರಿ ಬಾಲಕರ ಕಾಲೇಜಿನ ಗೇಟ್ ಬಳಿ ಹಲವು ದಶಕಗಳಿಂದ ನೆಲೆನಿಂತ ಬೇವಿನ ಮರವು ಇತ್ತೀಚೆಗೆ ಇಂದಿಗೆ ಸಮೀಪದಲ್ಲಿ ಅಪಾಯ ಸಂಭವಿಸಬಹುದು ಎಂಬ ಕಾರಣ ನೀಡಿ ಮರವನ್ನು ಕತ್ತರಿಸಿದ್ದರೂ ಸಾರ್ವಜನಿಕರ ಚೀಟಿ ಹಾಗೂ ಧಾರ್ಮಿಕ ಭಾವನೆಗೆ ಧಕ್ಕೆಯಾಗಿದೆ ಎಂದು ಸಾರ್ವಜನಿಕರ ಟೀಕೆಗೆ ಮತ್ತು ಆಕ್ರೋಶಕ್ಕೆ ಕಾರಣವಾಗಿದೆ. ಅರಳೀ ಹಾಗೂ ಬೇವಿನಮರಗಳನ್ನು ಕತ್ತರಿಸಿದರೆ ಧಾರ್ಮಿಕ ಭಾವನೆಗಳಿಗೆ ನೋವಾಗುತ್ತದೆ ಎಂಬ ಕಾರಣಕ್ಕಾಗಿ ಸರ್ಕಾರದ ನಿಯಮಗಳಲ್ಲೇ ಹಲವು ನಿರ್ಬಂಧಗಳಿವೆ. ನಿಯಮ ಮೀರಿ ಶಾಸಕ ಕೆ.ಷಡಕ್ಷರಿ ಹಾಗೂ ತಾಲ್ಲೂಕು ಆಡಳಿತದ ಗಮನಕ್ಕೆ ಬಾರದೇ ಸರ್ಕಾರಿ ಹತ್ತಿರದಲ್ಲಿರುವ ಮರಗಳನ್ನು ಸ್ಥಳಾಂತರ ಮಾಡುವ ಬದಲು ಮರದ ಬುಡವನ್ನೇ ಕತ್ತರಿಸಲಾಗಿದೆ. ಬಾಲಕರ ಸರ್ಕಾರಿ ಪದವಿ ಪೂರ್ವ ಕಾಲೇಜಿನ ಗೇಟ್ ಬಳಿ ಬೇವಿನ ಮರ ದಾಟಿ ಸುಮಾರು 8.05 ರಿಂದ ಬೆಳಗ್ಗೆ 11ರ ಸಮಯದಲ್ಲಿ
ಅಂದಾಜು ಮೌಲ್ಯವನ್ನು ತಯಾರಿಸಿದೆ, ಹಾಗೂ ಪ್ರಕ್ರಿಯೆ ಮಾಡದೆ ಮಧ್ಯಾಹ್ನ 2 ಗಂಟೆಯ ಸಮಯದಲ್ಲಿ ಗಾಂಧೀನಗರದ ಇರ್ಫಾನ್ ಎಂಬುವ ವ್ಯಕ್ತಿ ನೂ ಸುಮಾರು ದಶಕಗಳಿಂದ ನೆಲೆನಿಂತ ಬೇವಿನ ಮರವನ್ನು ಬುಡ ಸಮೇತ ಕತ್ತರಿಸಲಾಗಿದೆ. ಅರಳಿ ಹಾಗೂ ಬೇವಿನ ಮರವು ಒಟ್ಟಾಗಿದ್ದ ಕಾರಣ ಪೂಜೆ ನಿತ್ಯ ಸಾರ್ವಜನಿಕರು ಮುಂಜಾನೆ ಪೂಜಿಸುತ್ತಿದ್ದ ಧಾರ್ಮಿಕ ಸ್ಥಳ ಇದಾಗಿತ್ತು.
ನಮಸ್ಕರಿಸಿ ಪೂಜೆ ಸಲ್ಲಿಸುತ್ತಿದ್ದರು. ಹಾಗೂ ಮರವು ಪಕ್ಕದಲ್ಲಿದ್ದ ಅರಳಿ ಮರದಿಂದಲೇ ಆವರಿಸಿಕೊಂಡಿತ್ತು. ಆಯುಷ ಸಚಿವಾಲಯದಿಂದ ಆರೋಗ್ಯಕ್ಕೆ ಉತ್ತಮವಾದ ಗಿಡ ಮರಗಳಲ್ಲಿ ಬೇವಿನ ಮರ ಮುಖ್ಯವಾದದ್ದು. ಬೇವು ಮರ ಎಂದರೆ ಕೇವಲ ಹಚ್ಚ ಹಸಿರು ಎಲೆಗಳ ಮರವಲ್ಲ, ಅದು ಔಷಧಿಯ ಗುಣ, ಆರೋಗ್ಯದ ಮೂಲ, ಹಾಗೂ ಧಾರ್ಮಿಕವಾಗಿ ಪವಿತ್ರವಾದ ಸ್ಥಾನ ಪಡೆದಿದೆ. ನಾವು ನಮ್ಮ ಧರ್ಮದಲ್ಲಿ ಬೇವಿನ ಮರಕ್ಕೆ ಪೂಜೆ ಸಲ್ಲಿಸುವ ಪದ್ಧತಿ ಇದೆ. ಧಾರ್ಮಿಕ ಸ್ಥಳವೆಂದು ಪರಿಗಣಿಸಿ ನಿತ್ಯವೂ ಪೂಜಿಸುತ್ತಿದ್ದ ಸಾರ್ವಜನಿಕರ ಭಾವನೆಗೆ ಧಕ್ಕೆಯಾಗಿದೆ. ಇಂತಹ ವಿಚಾರದಲ್ಲಿ ಸಾರ್ವಜನಿಕರ ಅಭಿಪ್ರಾಯ ಪಡೆಯದೆ ಮರ ಕತ್ತರಿಸಿರುವುದು ಖಂಡನೀಯ.
ತಿಪಟೂರು ನಗರದಲ್ಲಿ ನಡೆದ ಇತ್ತೀಚಿನ ಒಂದು ಘಟನೆ, ಮರ ಹಾಗೂ ಮಾನವ ಸಂಬಂಧದ ಪವಿತ್ರತೆಯನ್ನು ಪುನಃ ಪ್ರಶ್ನಿಸಿದಂತಾಗಿದೆ. ಸರ್ಕಾರಿ ಬಾಲಕರ ಪದವಿ ಪೂರ್ವ ಕಾಲೇಜಿನ ಗೇಟು ಸಮೀಪದ ಬೇವಿನ ಮರವನ್ನು 'ಅಪಾಯದ ಸ್ಥಿತಿಯಲ್ಲಿ ಇದೆ' ಎಂಬ ಕಾರಣ ಮೇಲೆಗೆ, ಅರಣ್ಯ ಇಲಾಖೆ ಹಾಗೂ ಸಂಬಂಧಿತ ಇಲಾಖೆಯ ಅನುಮತಿ ಇಲ್ಲದೇ ಕತ್ತರಿಸಲಾಗಿದೆ. ಈ ಕ್ರಮದ ಹಿನ್ನೆಲೆ ಉದ್ದೇಶದ ಸಾರ್ವಜನಿಕರ ಆಕ್ರೋಶ, ಭಕ್ತರ ನೋವು, ಮತ್ತು ಪರಿಸರ ಪ್ರೇಮಿಗಳ ಆತಂಕ ಎಲ್ಲವೂ ಈ ಮೌನವಾದ ನಿರಾಕ ಮರದ ಸಾಕಿನಲ್ಲಿ ಸಂಗತಿಗೊಳ್ಳುತ್ತಿವೆ. ಚಂದ್ರಶೇಖರ್ ಅಭಿಪ್ರಾಯ ವ್ಯಕ್ತಪಡಿಸಿದರು. ಬಾಳಿಗೆ ಎಂದು ಮರವನ್ನು ಬುಡ ಸಮೇತ ಕತ್ತರಿಸಿದ ತಿಪಟೂರು ನಗರಸಭೆಯವರು ಕೇವಲ ಬೇವಿನ ಮರವನ್ನು ಕತ್ತರಿಸಿದ್ದಾರೆ. ಮುಂದಿನ ದಿನಗಳಲ್ಲಿ ಮರ ಬೆಳೆಸುವ ಕೆಲಸ ಮಾಡಬೇಕು ಎಂದು ಪರಿಸರ ಪ್ರೇಮಿಗಳು ಒತ್ತಾಯಿಸಿದ್ದಾರೆ.
EDITOR, PUBLISHER, PRINTER & OWNED BY: H.S.PARAMESH, SRI LAKSHMI NARASIMHA OFFSET PRINTERS, 7TH CROSS, SRIRAMA NAGAR, TUMKUR, DIST-TUMKUR,
KARNATAKA, PRINTED AT: SRI LAKSHMI NARASIMHA OFFSET PRINTERS, 7TH CROSS, SRIRAMA NAGAR, TUMKUR, DIST-TUMKUR, KARNATAKA.
